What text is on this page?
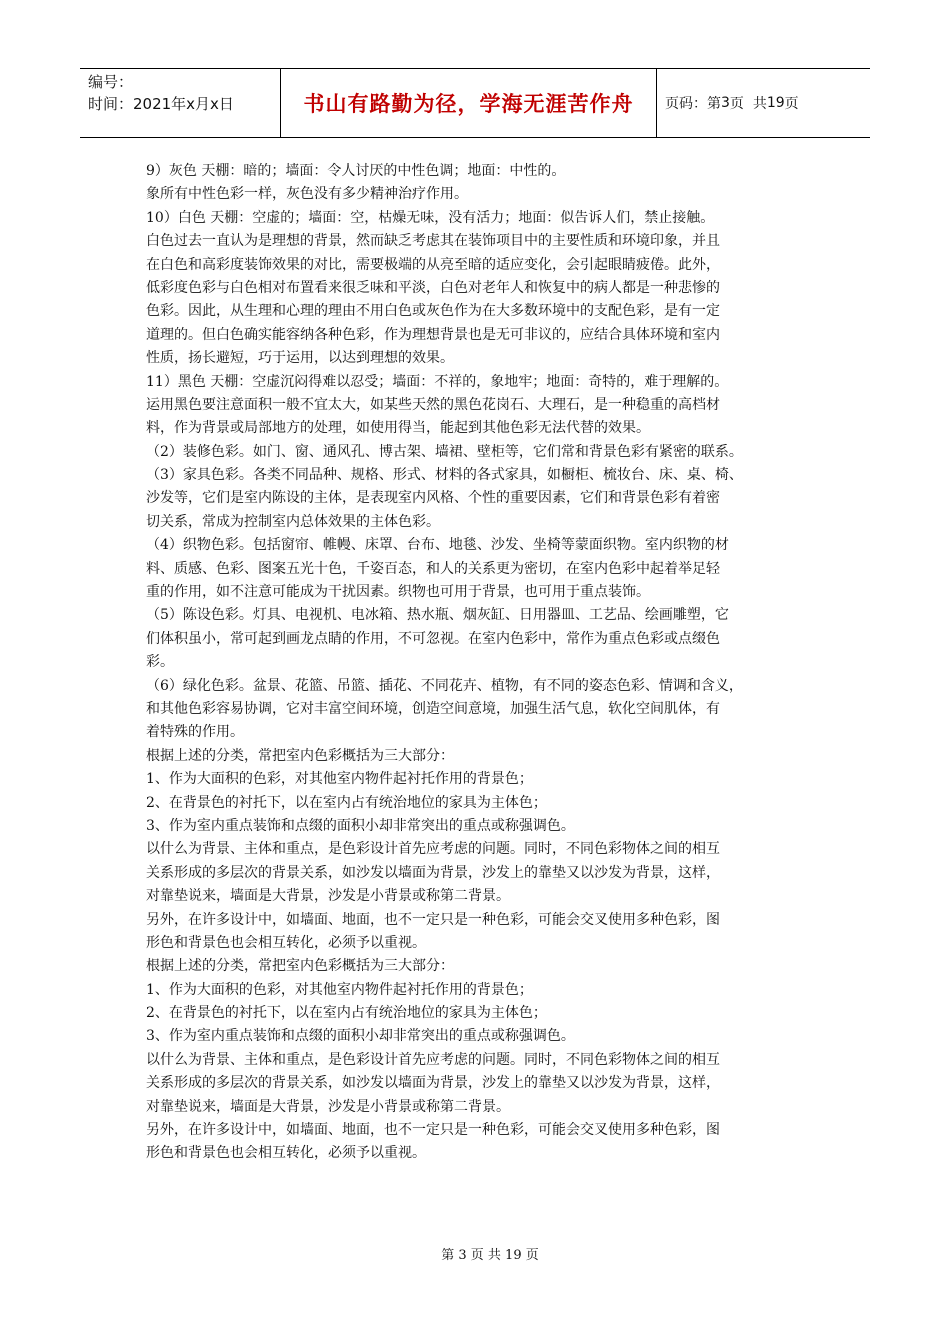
编号：
时间：2021年x月x日	书山有路勤为径，学海无涯苦作舟	页码：第 3 页  共 19 页
9）灰色 天棚：暗的；墙面：令人讨厌的中性色调；地面：中性的。
象所有中性色彩一样，灰色没有多少精神治疗作用。
10）白色 天棚：空虚的；墙面：空，枯燥无味，没有活力；地面：似告诉人们，禁止接触。
白色过去一直认为是理想的背景，然而缺乏考虑其在装饰项目中的主要性质和环境印象，并且
在白色和高彩度装饰效果的对比，需要极端的从亮至暗的适应变化，会引起眼睛疲倦。此外，
低彩度色彩与白色相对布置看来很乏味和平淡，白色对老年人和恢复中的病人都是一种悲惨的
色彩。因此，从生理和心理的理由不用白色或灰色作为在大多数环境中的支配色彩，是有一定
道理的。但白色确实能容纳各种色彩，作为理想背景也是无可非议的，应结合具体环境和室内
性质，扬长避短，巧于运用，以达到理想的效果。
11）黑色 天棚：空虚沉闷得难以忍受；墙面：不祥的，象地牢；地面：奇特的，难于理解的。
运用黑色要注意面积一般不宜太大，如某些天然的黑色花岗石、大理石，是一种稳重的高档材
料，作为背景或局部地方的处理，如使用得当，能起到其他色彩无法代替的效果。
（2）装修色彩。如门、窗、通风孔、博古架、墙裙、壁柜等，它们常和背景色彩有紧密的联系。
（3）家具色彩。各类不同品种、规格、形式、材料的各式家具，如橱柜、梳妆台、床、桌、椅、
沙发等，它们是室内陈设的主体，是表现室内风格、个性的重要因素，它们和背景色彩有着密
切关系，常成为控制室内总体效果的主体色彩。
（4）织物色彩。包括窗帘、帷幔、床罩、台布、地毯、沙发、坐椅等蒙面织物。室内织物的材
料、质感、色彩、图案五光十色，千姿百态，和人的关系更为密切，在室内色彩中起着举足轻
重的作用，如不注意可能成为干扰因素。织物也可用于背景，也可用于重点装饰。
（5）陈设色彩。灯具、电视机、电冰箱、热水瓶、烟灰缸、日用器皿、工艺品、绘画雕塑，它
们体积虽小，常可起到画龙点睛的作用，不可忽视。在室内色彩中，常作为重点色彩或点缀色
彩。
（6）绿化色彩。盆景、花篮、吊篮、插花、不同花卉、植物，有不同的姿态色彩、情调和含义，
和其他色彩容易协调，它对丰富空间环境，创造空间意境，加强生活气息，软化空间肌体，有
着特殊的作用。
根据上述的分类，常把室内色彩概括为三大部分：
1、作为大面积的色彩，对其他室内物件起衬托作用的背景色；
2、在背景色的衬托下，以在室内占有统治地位的家具为主体色；
3、作为室内重点装饰和点缀的面积小却非常突出的重点或称强调色。
以什么为背景、主体和重点，是色彩设计首先应考虑的问题。同时，不同色彩物体之间的相互
关系形成的多层次的背景关系，如沙发以墙面为背景，沙发上的靠垫又以沙发为背景，这样，
对靠垫说来，墙面是大背景，沙发是小背景或称第二背景。
另外，在许多设计中，如墙面、地面，也不一定只是一种色彩，可能会交叉使用多种色彩，图
形色和背景色也会相互转化，必须予以重视。
根据上述的分类，常把室内色彩概括为三大部分：
1、作为大面积的色彩，对其他室内物件起衬托作用的背景色；
2、在背景色的衬托下，以在室内占有统治地位的家具为主体色；
3、作为室内重点装饰和点缀的面积小却非常突出的重点或称强调色。
以什么为背景、主体和重点，是色彩设计首先应考虑的问题。同时，不同色彩物体之间的相互
关系形成的多层次的背景关系，如沙发以墙面为背景，沙发上的靠垫又以沙发为背景，这样，
对靠垫说来，墙面是大背景，沙发是小背景或称第二背景。
另外，在许多设计中，如墙面、地面，也不一定只是一种色彩，可能会交叉使用多种色彩，图
形色和背景色也会相互转化，必须予以重视。
第 3 页 共 19 页
